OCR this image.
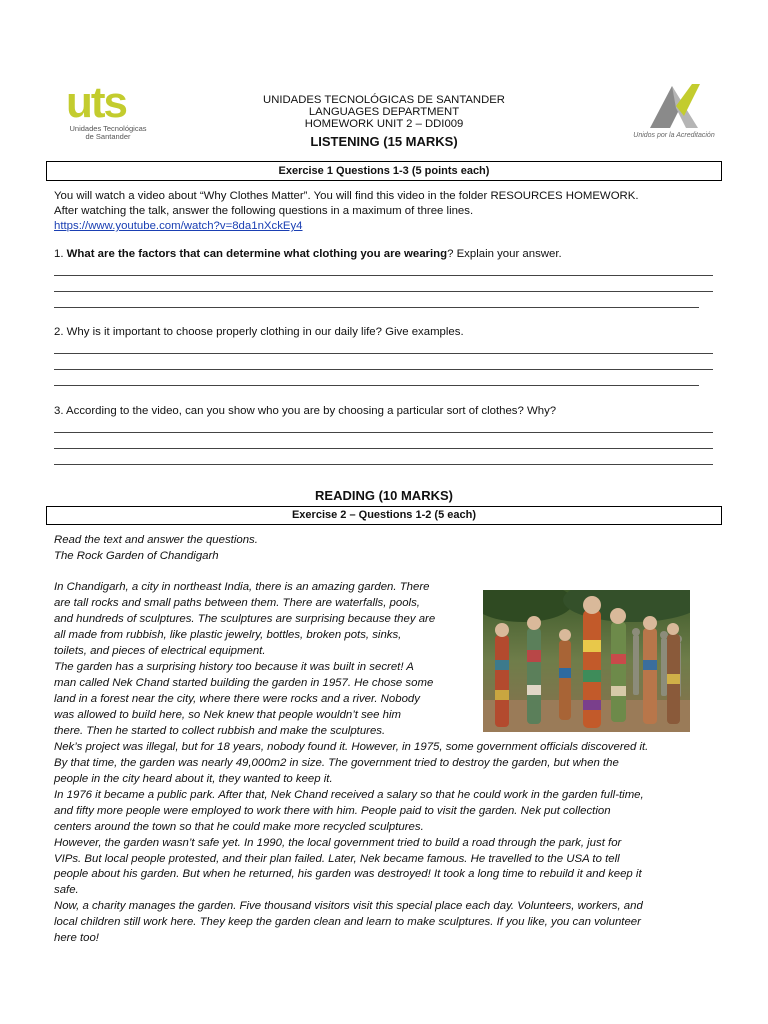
uts
Unidades Tecnológicas
de Santander	Unidos por la Acreditación
UNIDADES TECNOLÓGICAS DE SANTANDER
LANGUAGES DEPARTMENT
HOMEWORK UNIT 2 – DDI009
LISTENING (15 MARKS)
Exercise 1 Questions 1-3 (5 points each)
You will watch a video about “Why Clothes Matter”. You will find this video in the folder RESOURCES HOMEWORK.
After watching the talk, answer the following questions in a maximum of three lines.
https://www.youtube.com/watch?v=8da1nXckEy4
1. What are the factors that can determine what clothing you are wearing? Explain your answer.
2. Why is it important to choose properly clothing in our daily life? Give examples.
3. According to the video, can you show who you are by choosing a particular sort of clothes? Why?
READING (10 MARKS)
Exercise 2 – Questions 1-2 (5 each)
Read the text and answer the questions.
The Rock Garden of Chandigarh
In Chandigarh, a city in northeast India, there is an amazing garden. There
are tall rocks and small paths between them. There are waterfalls, pools,
and hundreds of sculptures. The sculptures are surprising because they are
all made from rubbish, like plastic jewelry, bottles, broken pots, sinks,
toilets, and pieces of electrical equipment.
The garden has a surprising history too because it was built in secret! A
man called Nek Chand started building the garden in 1957. He chose some
land in a forest near the city, where there were rocks and a river. Nobody
was allowed to build here, so Nek knew that people wouldn’t see him
there. Then he started to collect rubbish and make the sculptures.
Nek’s project was illegal, but for 18 years, nobody found it. However, in 1975, some government officials discovered it.
By that time, the garden was nearly 49,000m2 in size. The government tried to destroy the garden, but when the
people in the city heard about it, they wanted to keep it.
In 1976 it became a public park. After that, Nek Chand received a salary so that he could work in the garden full-time,
and fifty more people were employed to work there with him. People paid to visit the garden. Nek put collection
centers around the town so that he could make more recycled sculptures.
However, the garden wasn’t safe yet. In 1990, the local government tried to build a road through the park, just for
VIPs. But local people protested, and their plan failed. Later, Nek became famous. He travelled to the USA to tell
people about his garden. But when he returned, his garden was destroyed! It took a long time to rebuild it and keep it
safe.
Now, a charity manages the garden. Five thousand visitors visit this special place each day. Volunteers, workers, and
local children still work here. They keep the garden clean and learn to make sculptures. If you like, you can volunteer
here too!
